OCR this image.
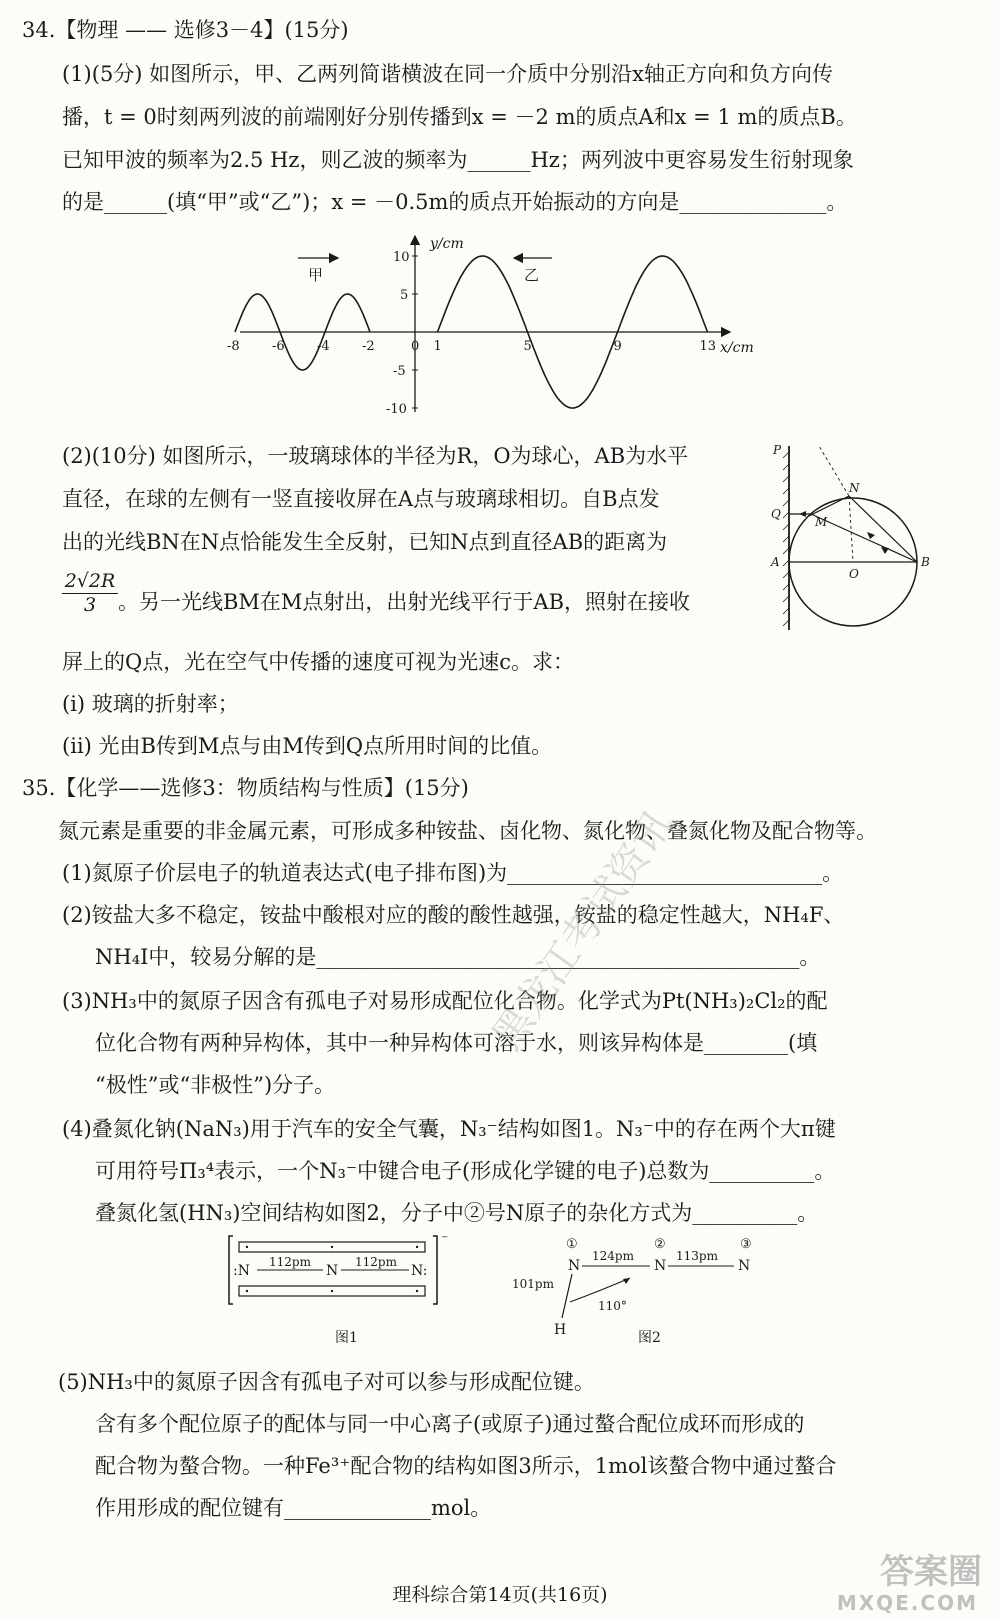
34.【物理 —— 选修3－4】(15分)
(1)(5分) 如图所示，甲、乙两列简谐横波在同一介质中分别沿x轴正方向和负方向传
播，t = 0时刻两列波的前端刚好分别传播到x = －2 m的质点A和x = 1 m的质点B。
已知甲波的频率为2.5 Hz，则乙波的频率为______Hz；两列波中更容易发生衍射现象
的是______(填“甲”或“乙”)；x = －0.5m的质点开始振动的方向是______________。
y/cm
x/cm
甲	乙
-8 -6 -4 -2	0 1	5	9	13
10
5
-5
-10
(2)(10分) 如图所示，一玻璃球体的半径为R，O为球心，AB为水平
直径，在球的左侧有一竖直接收屏在A点与玻璃球相切。自B点发
出的光线BN在N点恰能发生全反射，已知N点到直径AB的距离为
$\frac{2√2R}{3}$ 。另一光线BM在M点射出，出射光线平行于AB，照射在接收
屏上的Q点，光在空气中传播的速度可视为光速c。求：
(ⅰ) 玻璃的折射率；
(ⅱ) 光由B传到M点与由M传到Q点所用时间的比值。
P
Q
A
O
B
N
M
35.【化学——选修3：物质结构与性质】(15分)
氮元素是重要的非金属元素，可形成多种铵盐、卤化物、氮化物、叠氮化物及配合物等。
(1)氮原子价层电子的轨道表达式(电子排布图)为______________________________。
(2)铵盐大多不稳定，铵盐中酸根对应的酸的酸性越强，铵盐的稳定性越大，NH₄F、
NH₄I中，较易分解的是______________________________________________。
(3)NH₃中的氮原子因含有孤电子对易形成配位化合物。化学式为Pt(NH₃)₂Cl₂的配
位化合物有两种异构体，其中一种异构体可溶于水，则该异构体是________(填
“极性”或“非极性”)分子。
(4)叠氮化钠(NaN₃)用于汽车的安全气囊，N₃⁻结构如图1。N₃⁻中的存在两个大π键
可用符号Π₃⁴表示，一个N₃⁻中键合电子(形成化学键的电子)总数为__________。
叠氮化氢(HN₃)空间结构如图2，分子中②号N原子的杂化方式为__________。
⁻
:N	N	N:
112pm	112pm
图1
①	②	③
N	N	N
124pm	113pm
H
101pm
110°
图2
(5)NH₃中的氮原子因含有孤电子对可以参与形成配位键。
含有多个配位原子的配体与同一中心离子(或原子)通过螯合配位成环而形成的
配合物为螯合物。一种Fe³⁺配合物的结构如图3所示，1mol该螯合物中通过螯合
作用形成的配位键有______________mol。
理科综合第14页(共16页)
黑龙江考试资讯
答案圈
MXQE.COM
